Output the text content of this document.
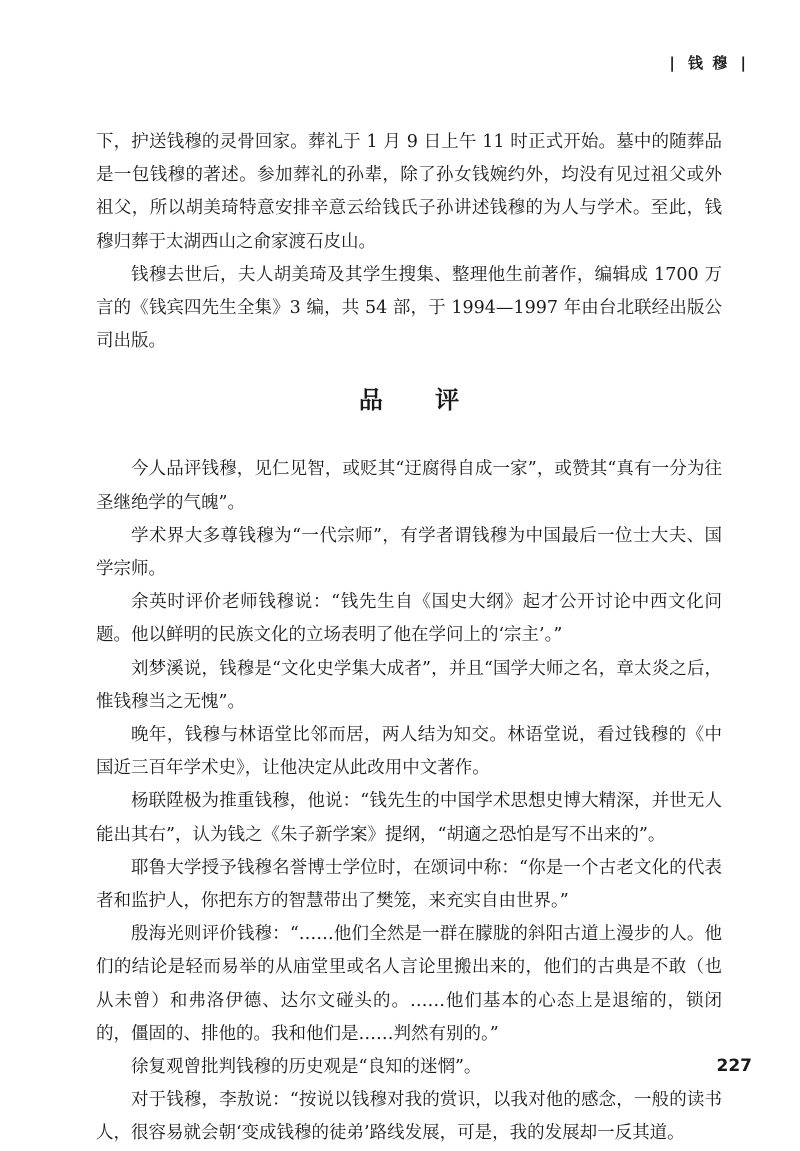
| 钱 穆 |

下，护送钱穆的灵骨回家。葬礼于 1 月 9 日上午 11 时正式开始。墓中的随葬品是一包钱穆的著述。参加葬礼的孙辈，除了孙女钱婉约外，均没有见过祖父或外祖父，所以胡美琦特意安排辛意云给钱氏子孙讲述钱穆的为人与学术。至此，钱穆归葬于太湖西山之俞家渡石皮山。

钱穆去世后，夫人胡美琦及其学生搜集、整理他生前著作，编辑成 1700 万言的《钱宾四先生全集》3 编，共 54 部，于 1994—1997 年由台北联经出版公司出版。

品 评

今人品评钱穆，见仁见智，或贬其“迂腐得自成一家”，或赞其“真有一分为往圣继绝学的气魄”。

学术界大多尊钱穆为“一代宗师”，有学者谓钱穆为中国最后一位士大夫、国学宗师。

余英时评价老师钱穆说：“钱先生自《国史大纲》起才公开讨论中西文化问题。他以鲜明的民族文化的立场表明了他在学问上的‘宗主’。”

刘梦溪说，钱穆是“文化史学集大成者”，并且“国学大师之名，章太炎之后，惟钱穆当之无愧”。

晚年，钱穆与林语堂比邻而居，两人结为知交。林语堂说，看过钱穆的《中国近三百年学术史》，让他决定从此改用中文著作。

杨联陞极为推重钱穆，他说：“钱先生的中国学术思想史博大精深，并世无人能出其右”，认为钱之《朱子新学案》提纲，“胡適之恐怕是写不出来的”。

耶鲁大学授予钱穆名誉博士学位时，在颂词中称：“你是一个古老文化的代表者和监护人，你把东方的智慧带出了樊笼，来充实自由世界。”

殷海光则评价钱穆：“……他们全然是一群在朦胧的斜阳古道上漫步的人。他们的结论是轻而易举的从庙堂里或名人言论里搬出来的，他们的古典是不敢（也从未曾）和弗洛伊德、达尔文碰头的。……他们基本的心态上是退缩的，锁闭的，僵固的、排他的。我和他们是……判然有别的。”

徐复观曾批判钱穆的历史观是“良知的迷惘”。

对于钱穆，李敖说：“按说以钱穆对我的赏识，以我对他的感念，一般的读书人，很容易就会朝‘变成钱穆的徒弟’路线发展，可是，我的发展却一反其道。

227
